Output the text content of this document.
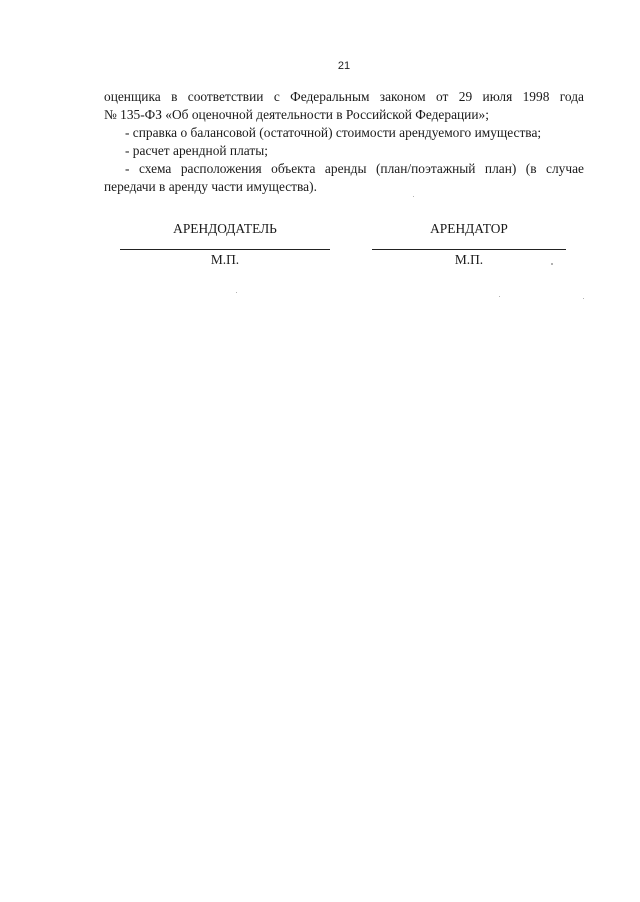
21

оценщика в соответствии с Федеральным законом от 29 июля 1998 года

№ 135-ФЗ «Об оценочной деятельности в Российской Федерации»;

- справка о балансовой (остаточной) стоимости арендуемого имущества;

- расчет арендной платы;

- схема расположения объекта аренды (план/поэтажный план) (в случае

передачи в аренду части имущества).

АРЕНДОДАТЕЛЬ
М.П.
АРЕНДАТОР
М.П.
